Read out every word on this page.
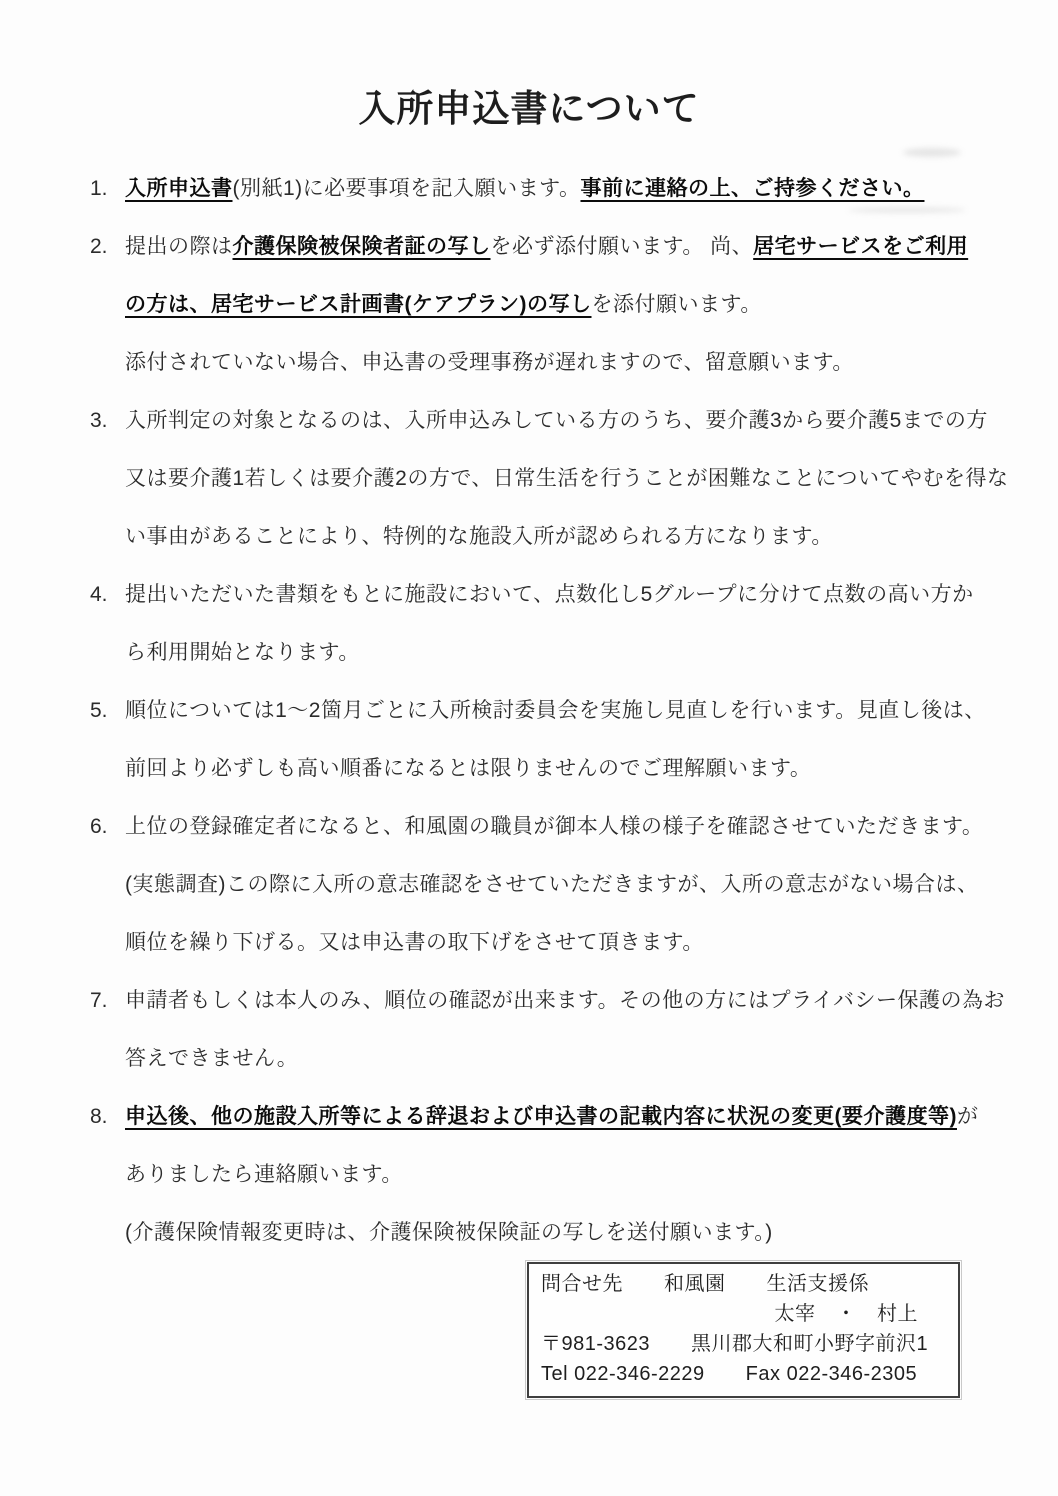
入所申込書について
1. 入所申込書(別紙1)に必要事項を記入願います。事前に連絡の上、ご持参ください。
2. 提出の際は介護保険被保険者証の写しを必ず添付願います。 尚、居宅サービスをご利用
の方は、居宅サービス計画書(ケアプラン)の写しを添付願います。
添付されていない場合、申込書の受理事務が遅れますので、留意願います。
3. 入所判定の対象となるのは、入所申込みしている方のうち、要介護3から要介護5までの方
又は要介護1若しくは要介護2の方で、日常生活を行うことが困難なことについてやむを得な
い事由があることにより、特例的な施設入所が認められる方になります。
4. 提出いただいた書類をもとに施設において、点数化し5グループに分けて点数の高い方か
ら利用開始となります。
5. 順位については1～2箇月ごとに入所検討委員会を実施し見直しを行います。見直し後は、
前回より必ずしも高い順番になるとは限りませんのでご理解願います。
6. 上位の登録確定者になると、和風園の職員が御本人様の様子を確認させていただきます。
(実態調査)この際に入所の意志確認をさせていただきますが、入所の意志がない場合は、
順位を繰り下げる。又は申込書の取下げをさせて頂きます。
7. 申請者もしくは本人のみ、順位の確認が出来ます。その他の方にはプライバシー保護の為お
答えできません。
8. 申込後、他の施設入所等による辞退および申込書の記載内容に状況の変更(要介護度等)が
ありましたら連絡願います。
(介護保険情報変更時は、介護保険被保険証の写しを送付願います。)
問合せ先　　和風園　　生活支援係
太宰　・　村上
〒981-3623　　黒川郡大和町小野字前沢1
Tel 022-346-2229　　Fax 022-346-2305
